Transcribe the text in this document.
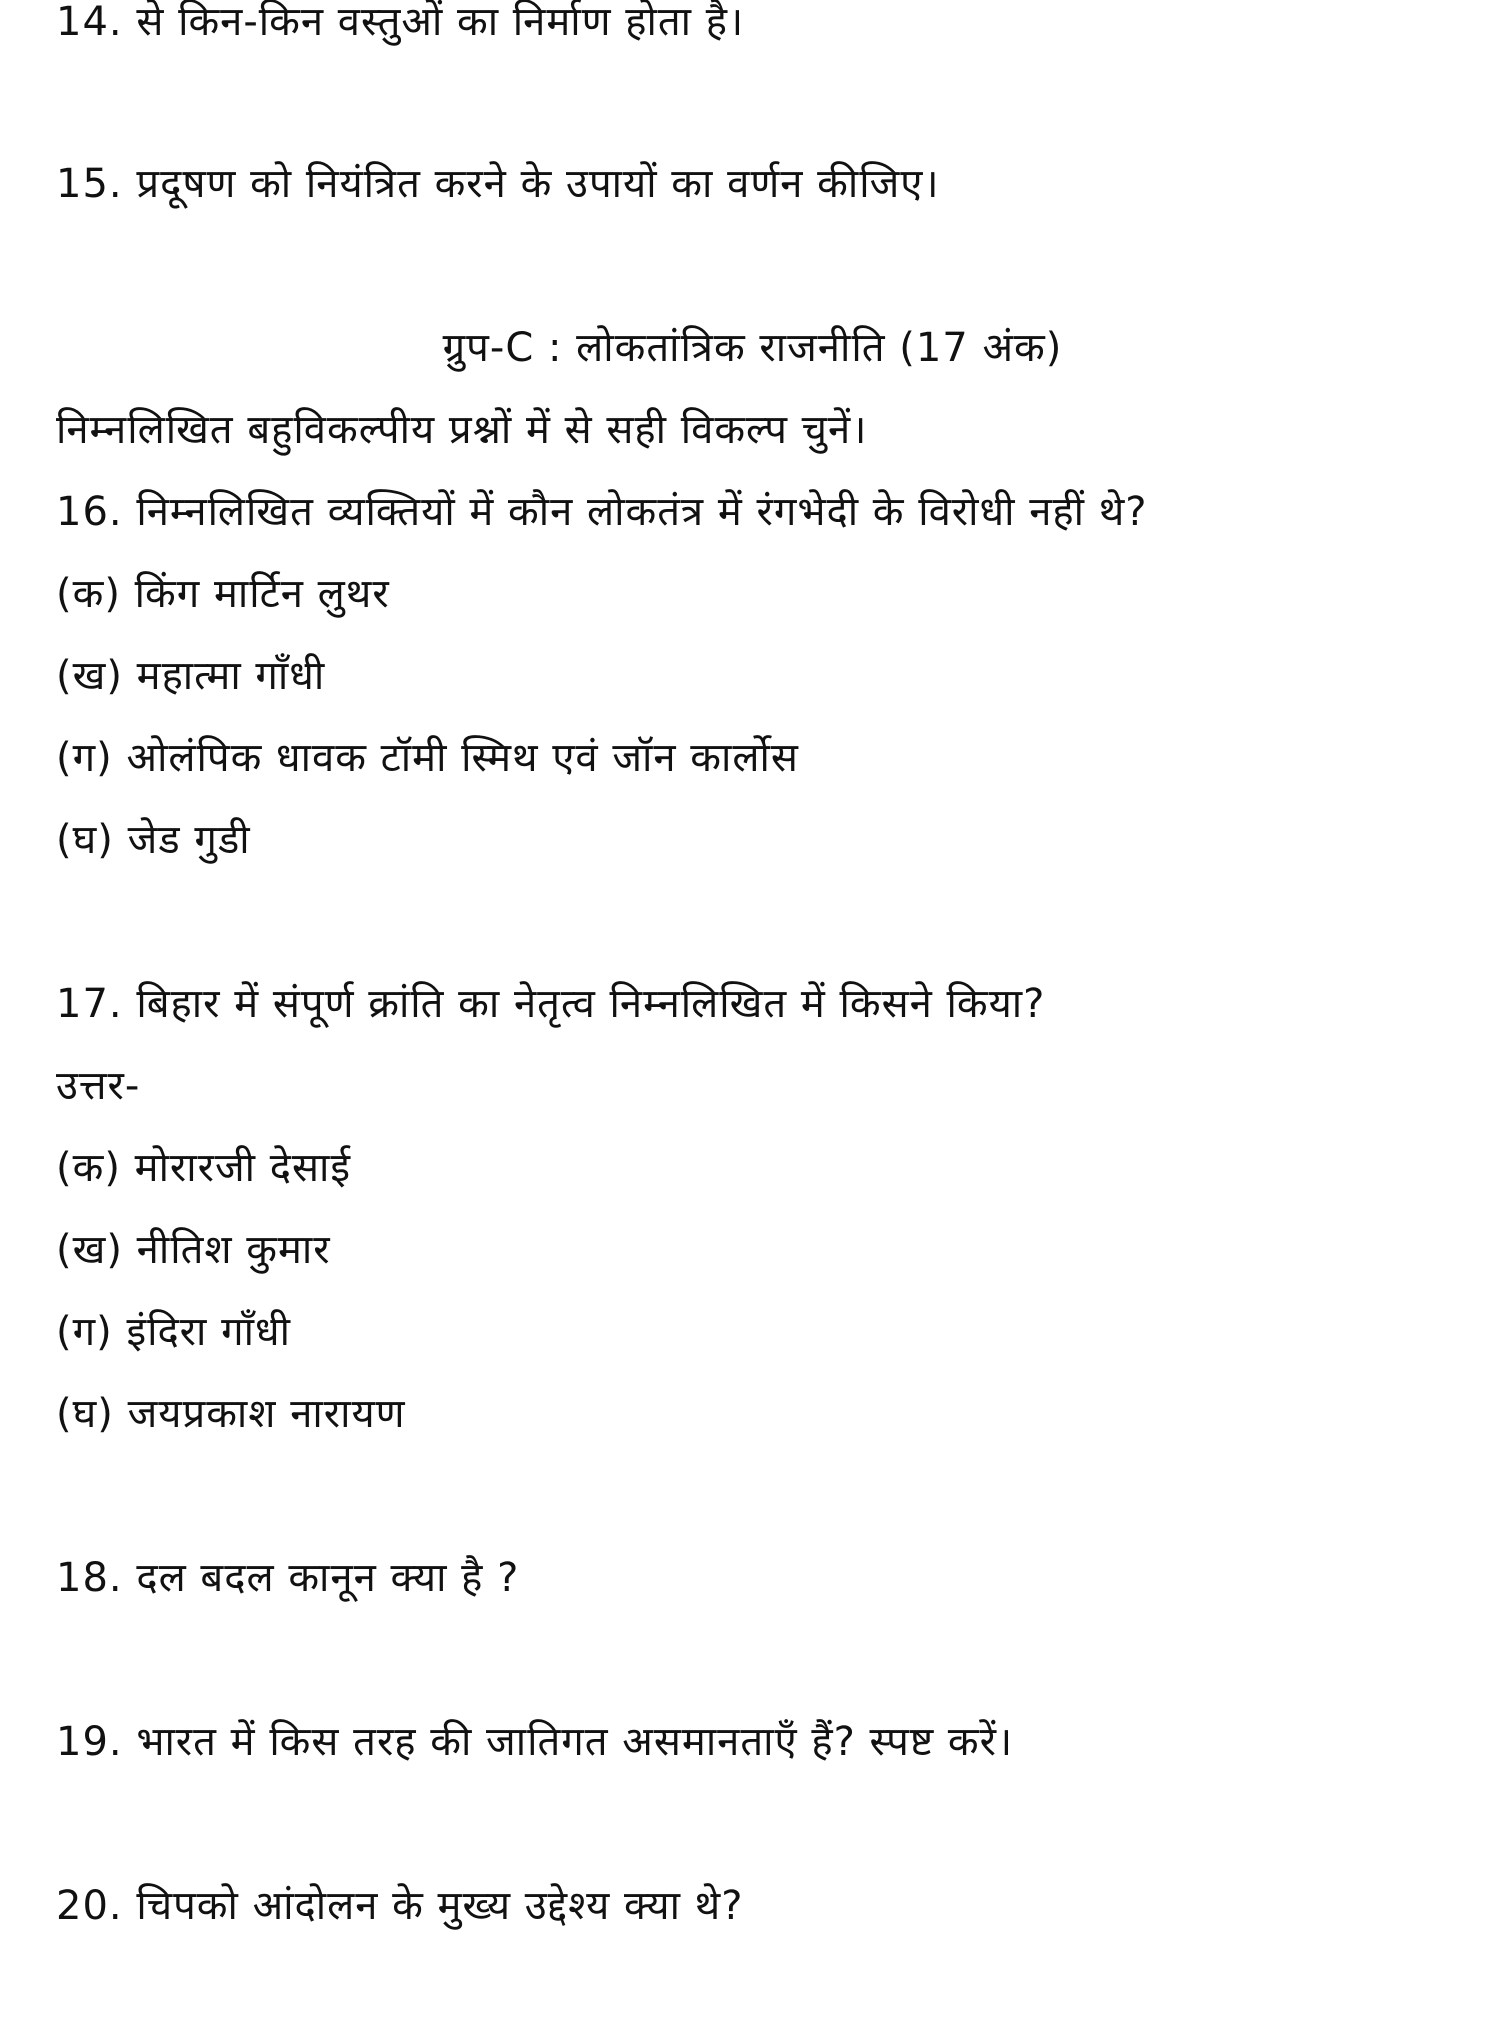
14. से किन-किन वस्तुओं का निर्माण होता है।
15. प्रदूषण को नियंत्रित करने के उपायों का वर्णन कीजिए।
ग्रुप-C : लोकतांत्रिक राजनीति (17 अंक)
निम्नलिखित बहुविकल्पीय प्रश्नों में से सही विकल्प चुनें।
16. निम्नलिखित व्यक्तियों में कौन लोकतंत्र में रंगभेदी के विरोधी नहीं थे?
(क) किंग मार्टिन लुथर
(ख) महात्मा गाँधी
(ग) ओलंपिक धावक टॉमी स्मिथ एवं जॉन कार्लोस
(घ) जेड गुडी
17. बिहार में संपूर्ण क्रांति का नेतृत्व निम्नलिखित में किसने किया?
उत्तर-
(क) मोरारजी देसाई
(ख) नीतिश कुमार
(ग) इंदिरा गाँधी
(घ) जयप्रकाश नारायण
18. दल बदल कानून क्या है ?
19. भारत में किस तरह की जातिगत असमानताएँ हैं? स्पष्ट करें।
20. चिपको आंदोलन के मुख्य उद्देश्य क्या थे?
